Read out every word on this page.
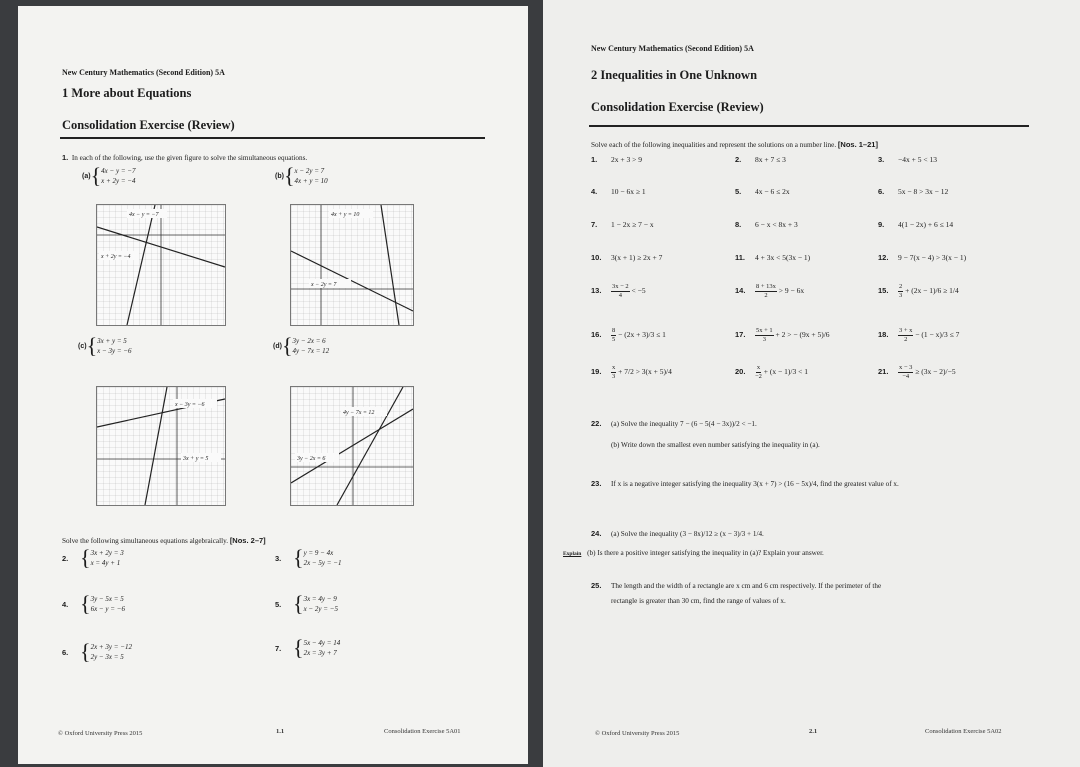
New Century Mathematics (Second Edition) 5A
1 More about Equations
Consolidation Exercise (Review)
1. In each of the following, use the given figure to solve the simultaneous equations.
(a) { 4x − y = −7
x + 2y = −4
(b) { x − 2y = 7
4x + y = 10
4x − y = −7
x + 2y = −4
4x + y = 10
x − 2y = 7
(c) { 3x + y = 5
x − 3y = −6
(d) { 3y − 2x = 6
4y − 7x = 12
x − 3y = −6
3x + y = 5
4y − 7x = 12
3y − 2x = 6
Solve the following simultaneous equations algebraically. [Nos. 2–7]
2. { 3x + 2y = 3
x = 4y + 1
3. { y = 9 − 4x
2x − 5y = −1
4. { 3y − 5x = 5
6x − y = −6
5. { 3x = 4y − 9
x − 2y = −5
6. { 2x + 3y = −12
2y − 3x = 5
7. { 5x − 4y = 14
2x = 3y + 7
© Oxford University Press 2015	1.1	Consolidation Exercise 5A01
New Century Mathematics (Second Edition) 5A
2 Inequalities in One Unknown
Consolidation Exercise (Review)
Solve each of the following inequalities and represent the solutions on a number line. [Nos. 1–21]
1. 2x + 3 > 9	2. 8x + 7 ≤ 3	3. −4x + 5 < 13
4. 10 − 6x ≥ 1	5. 4x − 6 ≤ 2x	6. 5x − 8 > 3x − 12
7. 1 − 2x ≥ 7 − x	8. 6 − x < 8x + 3	9. 4(1 − 2x) + 6 ≤ 14
10. 3(x + 1) ≥ 2x + 7	11. 4 + 3x < 5(3x − 1)	12. 9 − 7(x − 4) > 3(x − 1)
13. $\frac{3x - 2}{4} < -5$	14. $\frac{8 + 13x}{2} > 9 - 6x$	15. $\frac{2}{3} + (2x - 1)/6 \ge 1/4$
16. $\frac{8}{5} - (2x + 3)/3 \le 1$	17. $\frac{5x + 1}{3} + 2$ > − (9x + 5)/6	18. $\frac{3 + x}{2} - (1 - x)/3 \le 7$
19. $\frac{x}{3} + 7/2 > 3(x + 5)/4$	20. $\frac{x}{-2} + (x - 1)/3 < 1$	21. $\frac{x - 3}{-4} \ge (3x - 2)/-5$
22. (a) Solve the inequality 7 − (6 − 5(4 − 3x))/2 < −1.
(b) Write down the smallest even number satisfying the inequality in (a).
23. If x is a negative integer satisfying the inequality 3(x + 7) > (16 − 5x)/4, find the greatest value of x.
24. (a) Solve the inequality (3 − 8x)/12 ≥ (x − 3)/3 + 1/4.
Explain (b) Is there a positive integer satisfying the inequality in (a)? Explain your answer.
25. The length and the width of a rectangle are x cm and 6 cm respectively. If the perimeter of the
rectangle is greater than 30 cm, find the range of values of x.
© Oxford University Press 2015	2.1	Consolidation Exercise 5A02
